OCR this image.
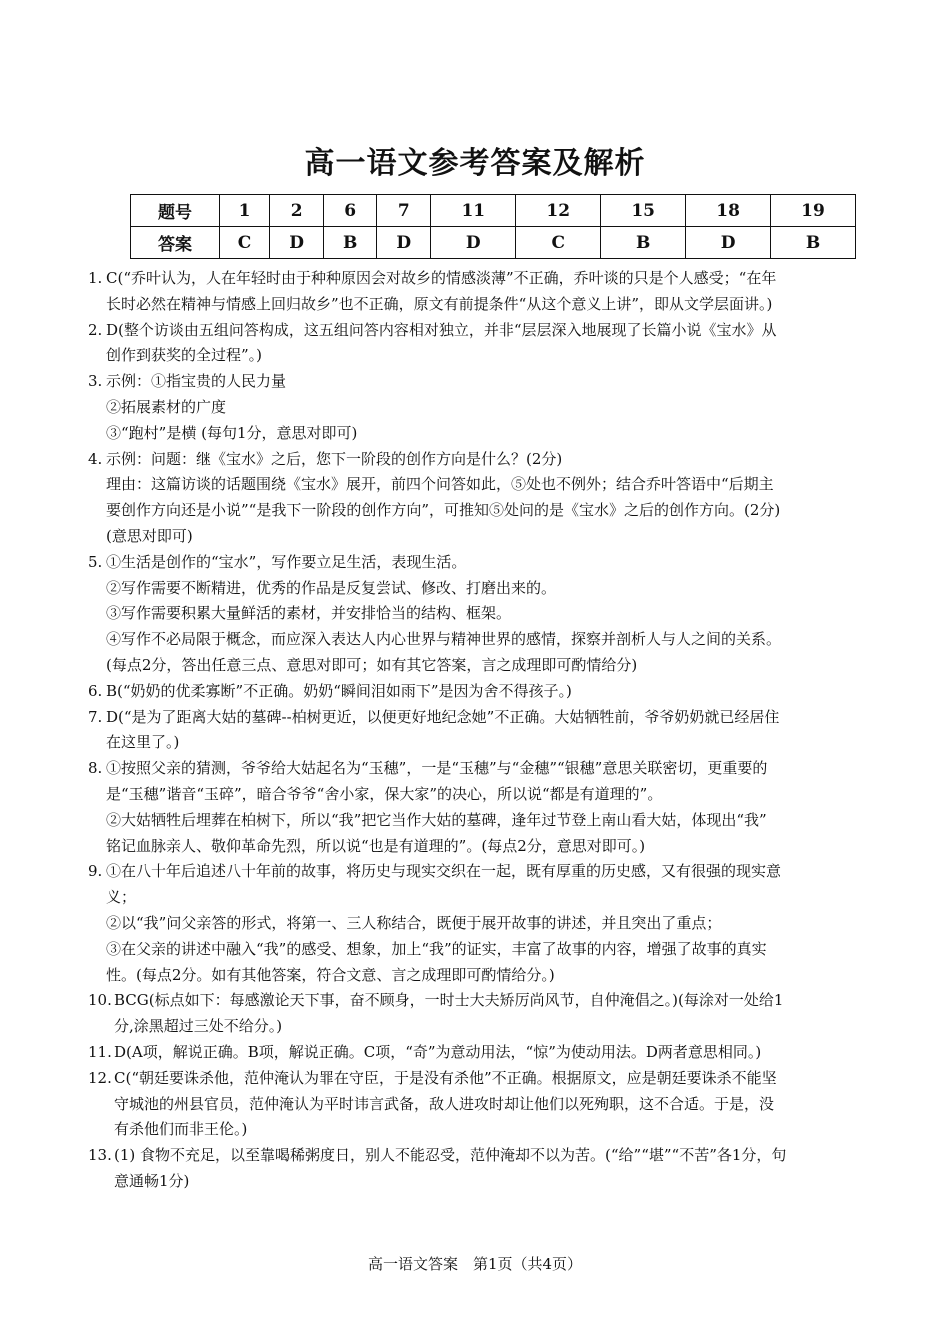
高一语文参考答案及解析
题号	1	2	6	7	11	12	15	18	19
答案	C	D	B	D	D	C	B	D	B
1. C(“乔叶认为，人在年轻时由于种种原因会对故乡的情感淡薄”不正确，乔叶谈的只是个人感受；“在年
长时必然在精神与情感上回归故乡”也不正确，原文有前提条件“从这个意义上讲”，即从文学层面讲。)
2. D(整个访谈由五组问答构成，这五组问答内容相对独立，并非“层层深入地展现了长篇小说《宝水》从
创作到获奖的全过程”。)
3. 示例：①指宝贵的人民力量
②拓展素材的广度
③“跑村”是横 (每句1分，意思对即可)
4. 示例：问题：继《宝水》之后，您下一阶段的创作方向是什么？(2分)
理由：这篇访谈的话题围绕《宝水》展开，前四个问答如此，⑤处也不例外；结合乔叶答语中“后期主
要创作方向还是小说”“是我下一阶段的创作方向”，可推知⑤处问的是《宝水》之后的创作方向。(2分)
(意思对即可)
5. ①生活是创作的“宝水”，写作要立足生活，表现生活。
②写作需要不断精进，优秀的作品是反复尝试、修改、打磨出来的。
③写作需要积累大量鲜活的素材，并安排恰当的结构、框架。
④写作不必局限于概念，而应深入表达人内心世界与精神世界的感情，探察并剖析人与人之间的关系。
(每点2分，答出任意三点、意思对即可；如有其它答案，言之成理即可酌情给分)
6. B(“奶奶的优柔寡断”不正确。奶奶“瞬间泪如雨下”是因为舍不得孩子。)
7. D(“是为了距离大姑的墓碑--柏树更近，以便更好地纪念她”不正确。大姑牺牲前，爷爷奶奶就已经居住
在这里了。)
8. ①按照父亲的猜测，爷爷给大姑起名为“玉穗”，一是“玉穗”与“金穗”“银穗”意思关联密切，更重要的
是“玉穗”谐音“玉碎”，暗合爷爷“舍小家，保大家”的决心，所以说“都是有道理的”。
②大姑牺牲后埋葬在柏树下，所以“我”把它当作大姑的墓碑，逢年过节登上南山看大姑，体现出“我”
铭记血脉亲人、敬仰革命先烈，所以说“也是有道理的”。(每点2分，意思对即可。)
9. ①在八十年后追述八十年前的故事，将历史与现实交织在一起，既有厚重的历史感，又有很强的现实意
义；
②以“我”问父亲答的形式，将第一、三人称结合，既便于展开故事的讲述，并且突出了重点；
③在父亲的讲述中融入“我”的感受、想象，加上“我”的证实，丰富了故事的内容，增强了故事的真实
性。(每点2分。如有其他答案，符合文意、言之成理即可酌情给分。)
10. BCG(标点如下：每感激论天下事，奋不顾身，一时士大夫矫厉尚风节，自仲淹倡之。)(每涂对一处给1
分,涂黑超过三处不给分。)
11. D(A项，解说正确。B项，解说正确。C项，“奇”为意动用法，“惊”为使动用法。D两者意思相同。)
12. C(“朝廷要诛杀他，范仲淹认为罪在守臣，于是没有杀他”不正确。根据原文，应是朝廷要诛杀不能坚
守城池的州县官员，范仲淹认为平时讳言武备，敌人进攻时却让他们以死殉职，这不合适。于是，没
有杀他们而非王伦。)
13. (1) 食物不充足，以至靠喝稀粥度日，别人不能忍受，范仲淹却不以为苦。(“给”“堪”“不苦”各1分，句
意通畅1分)
高一语文答案　第1页（共4页）
